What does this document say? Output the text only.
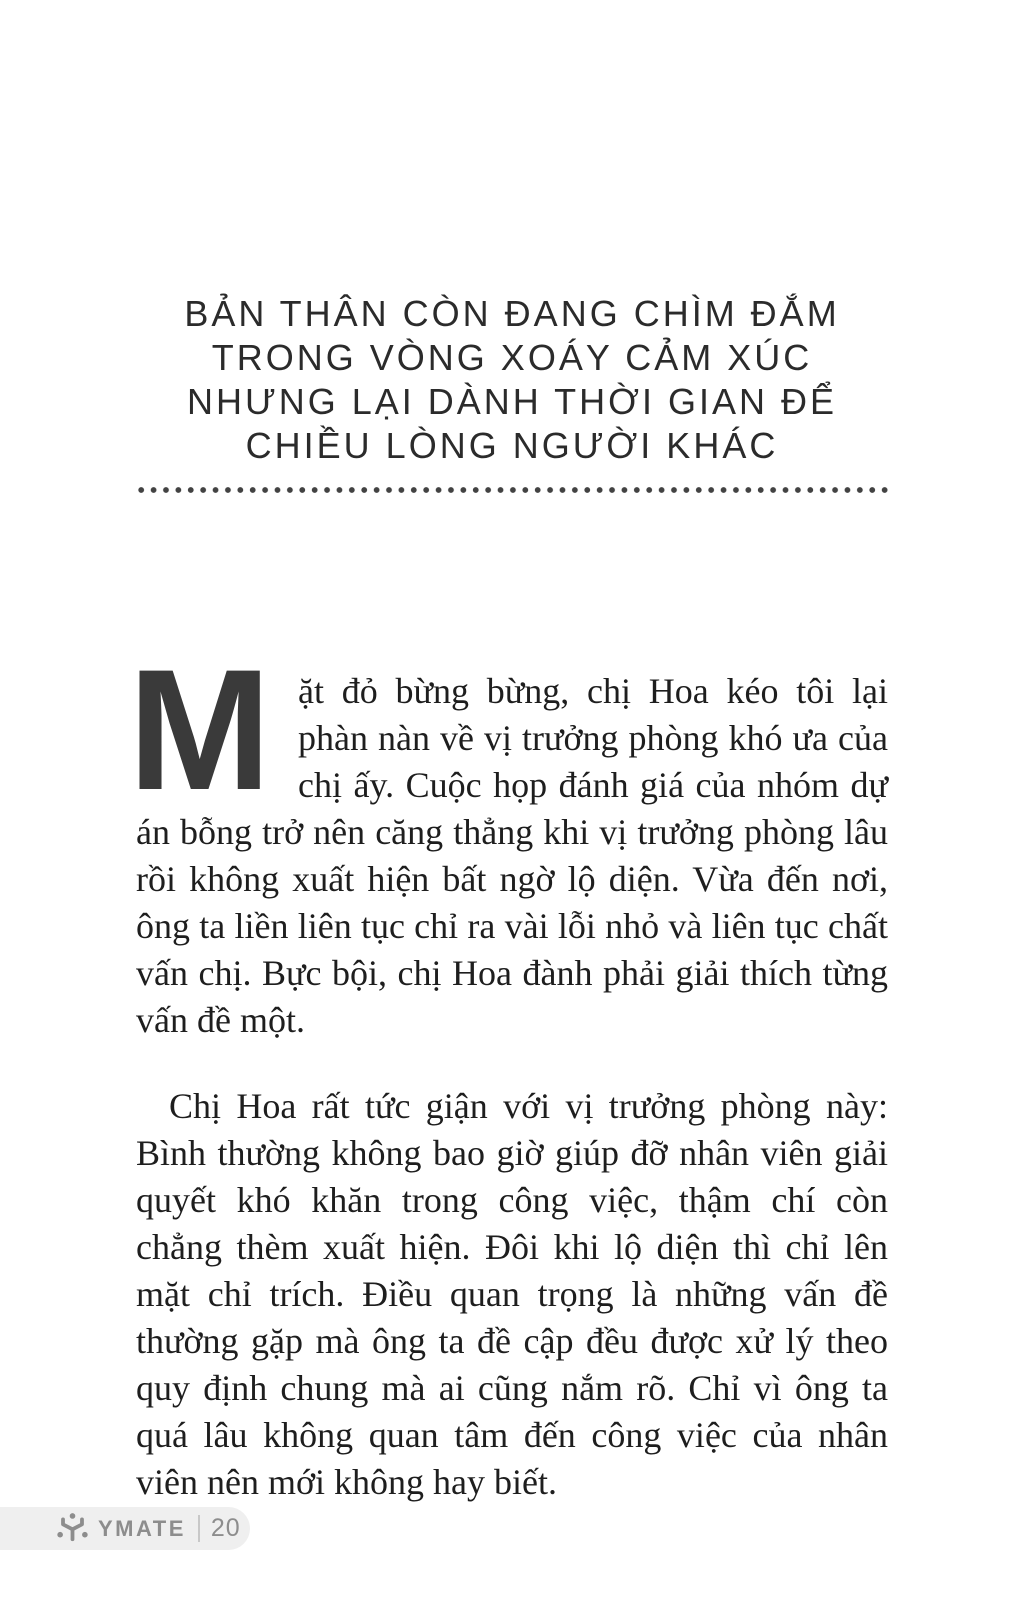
BẢN THÂN CÒN ĐANG CHÌM ĐẮM
TRONG VÒNG XOÁY CẢM XÚC
NHƯNG LẠI DÀNH THỜI GIAN ĐỂ
CHIỀU LÒNG NGƯỜI KHÁC

M ặt đỏ bừng bừng, chị Hoa kéo tôi lại phàn nàn về vị trưởng phòng khó ưa của chị ấy. Cuộc họp đánh giá của nhóm dự án bỗng trở nên căng thẳng khi vị trưởng phòng lâu rồi không xuất hiện bất ngờ lộ diện. Vừa đến nơi, ông ta liền liên tục chỉ ra vài lỗi nhỏ và liên tục chất vấn chị. Bực bội, chị Hoa đành phải giải thích từng vấn đề một.

Chị Hoa rất tức giận với vị trưởng phòng này: Bình thường không bao giờ giúp đỡ nhân viên giải quyết khó khăn trong công việc, thậm chí còn chẳng thèm xuất hiện. Đôi khi lộ diện thì chỉ lên mặt chỉ trích. Điều quan trọng là những vấn đề thường gặp mà ông ta đề cập đều được xử lý theo quy định chung mà ai cũng nắm rõ. Chỉ vì ông ta quá lâu không quan tâm đến công việc của nhân viên nên mới không hay biết.

YMATE 20
